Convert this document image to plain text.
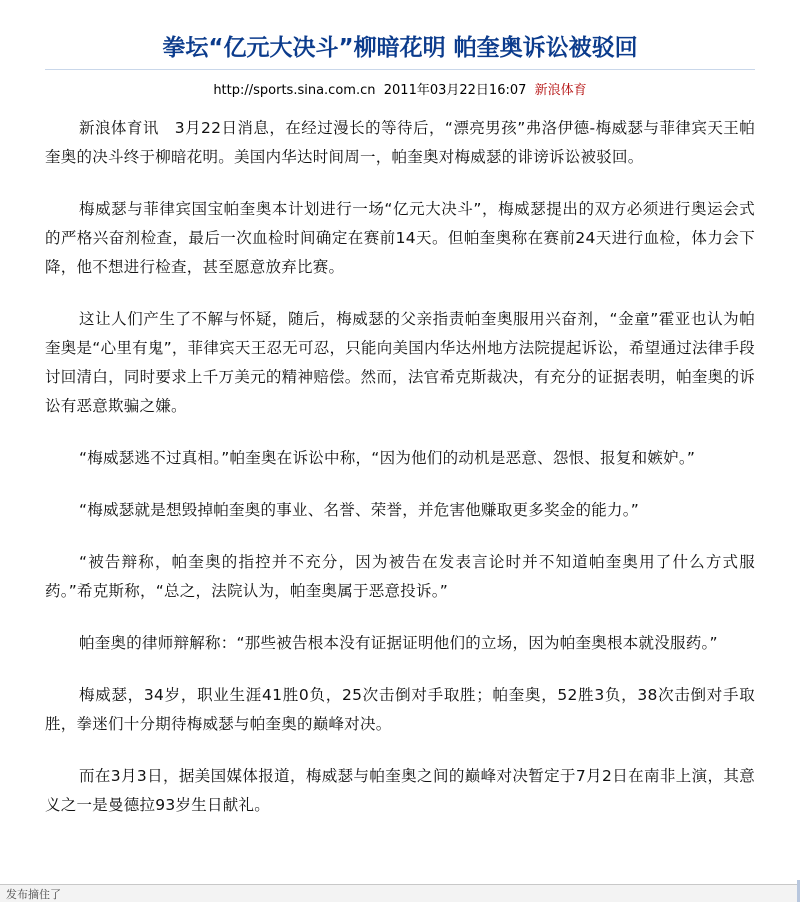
拳坛“亿元大决斗”柳暗花明 帕奎奥诉讼被驳回
http://sports.sina.com.cn 2011年03月22日16:07 新浪体育

新浪体育讯　3月22日消息，在经过漫长的等待后，“漂亮男孩”弗洛伊德-梅威瑟与菲律宾天王帕奎奥的决斗终于柳暗花明。美国内华达时间周一，帕奎奥对梅威瑟的诽谤诉讼被驳回。

梅威瑟与菲律宾国宝帕奎奥本计划进行一场“亿元大决斗”，梅威瑟提出的双方必须进行奥运会式的严格兴奋剂检查，最后一次血检时间确定在赛前14天。但帕奎奥称在赛前24天进行血检，体力会下降，他不想进行检查，甚至愿意放弃比赛。

这让人们产生了不解与怀疑，随后，梅威瑟的父亲指责帕奎奥服用兴奋剂，“金童”霍亚也认为帕奎奥是“心里有鬼”，菲律宾天王忍无可忍，只能向美国内华达州地方法院提起诉讼，希望通过法律手段讨回清白，同时要求上千万美元的精神赔偿。然而，法官希克斯裁决，有充分的证据表明，帕奎奥的诉讼有恶意欺骗之嫌。

“梅威瑟逃不过真相。”帕奎奥在诉讼中称，“因为他们的动机是恶意、怨恨、报复和嫉妒。”

“梅威瑟就是想毁掉帕奎奥的事业、名誉、荣誉，并危害他赚取更多奖金的能力。”

“被告辩称，帕奎奥的指控并不充分，因为被告在发表言论时并不知道帕奎奥用了什么方式服药。”希克斯称，“总之，法院认为，帕奎奥属于恶意投诉。”

帕奎奥的律师辩解称：“那些被告根本没有证据证明他们的立场，因为帕奎奥根本就没服药。”

梅威瑟，34岁，职业生涯41胜0负，25次击倒对手取胜；帕奎奥，52胜3负，38次击倒对手取胜，拳迷们十分期待梅威瑟与帕奎奥的巅峰对决。

而在3月3日，据美国媒体报道，梅威瑟与帕奎奥之间的巅峰对决暂定于7月2日在南非上演，其意义之一是曼德拉93岁生日献礼。

发布摘住了
